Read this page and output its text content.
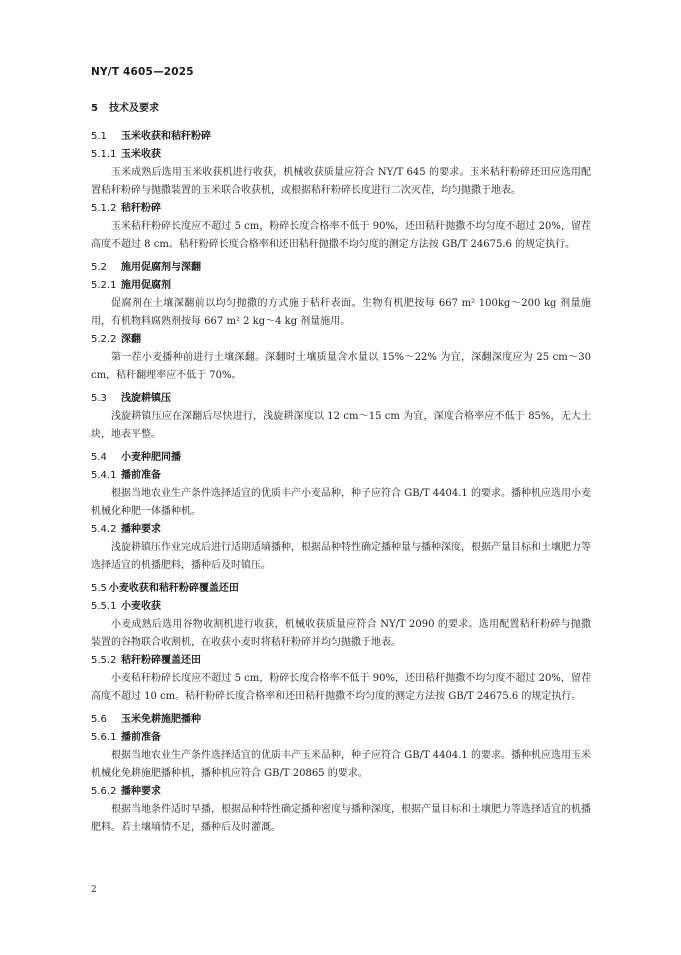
NY/T 4605—2025
5 技术及要求
5.1 玉米收获和秸秆粉碎
5.1.1 玉米收获

玉米成熟后选用玉米收获机进行收获，机械收获质量应符合 NY/T 645 的要求。玉米秸秆粉碎还田应选用配置秸秆粉碎与抛撒装置的玉米联合收获机，或根据秸秆粉碎长度进行二次灭茬，均匀抛撒于地表。

5.1.2 秸秆粉碎

玉米秸秆粉碎长度应不超过 5 cm，粉碎长度合格率不低于 90%，还田秸秆抛撒不均匀度不超过 20%，留茬高度不超过 8 cm。秸秆粉碎长度合格率和还田秸秆抛撒不均匀度的测定方法按 GB/T 24675.6 的规定执行。

5.2 施用促腐剂与深翻
5.2.1 施用促腐剂

促腐剂在土壤深翻前以均匀抛撒的方式施于秸秆表面。生物有机肥按每 667 m² 100kg～200 kg 剂量施用，有机物料腐熟剂按每 667 m² 2 kg～4 kg 剂量施用。

5.2.2 深翻

第一茬小麦播种前进行土壤深翻。深翻时土壤质量含水量以 15%～22% 为宜，深翻深度应为 25 cm～30 cm，秸秆翻埋率应不低于 70%。

5.3 浅旋耕镇压

浅旋耕镇压应在深翻后尽快进行，浅旋耕深度以 12 cm～15 cm 为宜，深度合格率应不低于 85%，无大土块，地表平整。

5.4 小麦种肥同播
5.4.1 播前准备

根据当地农业生产条件选择适宜的优质丰产小麦品种，种子应符合 GB/T 4404.1 的要求。播种机应选用小麦机械化种肥一体播种机。

5.4.2 播种要求

浅旋耕镇压作业完成后进行适期适墒播种，根据品种特性确定播种量与播种深度，根据产量目标和土壤肥力等选择适宜的机播肥料，播种后及时镇压。

5.5 小麦收获和秸秆粉碎覆盖还田
5.5.1 小麦收获

小麦成熟后选用谷物收割机进行收获，机械收获质量应符合 NY/T 2090 的要求。选用配置秸秆粉碎与抛撒装置的谷物联合收割机，在收获小麦时将秸秆粉碎并均匀抛撒于地表。

5.5.2 秸秆粉碎覆盖还田

小麦秸秆粉碎长度应不超过 5 cm，粉碎长度合格率不低于 90%，还田秸秆抛撒不均匀度不超过 20%，留茬高度不超过 10 cm。秸秆粉碎长度合格率和还田秸秆抛撒不均匀度的测定方法按 GB/T 24675.6 的规定执行。

5.6 玉米免耕施肥播种
5.6.1 播前准备

根据当地农业生产条件选择适宜的优质丰产玉米品种，种子应符合 GB/T 4404.1 的要求。播种机应选用玉米机械化免耕施肥播种机，播种机应符合 GB/T 20865 的要求。

5.6.2 播种要求

根据当地条件适时早播，根据品种特性确定播种密度与播种深度，根据产量目标和土壤肥力等选择适宜的机播肥料。若土壤墒情不足，播种后及时灌溉。

2
